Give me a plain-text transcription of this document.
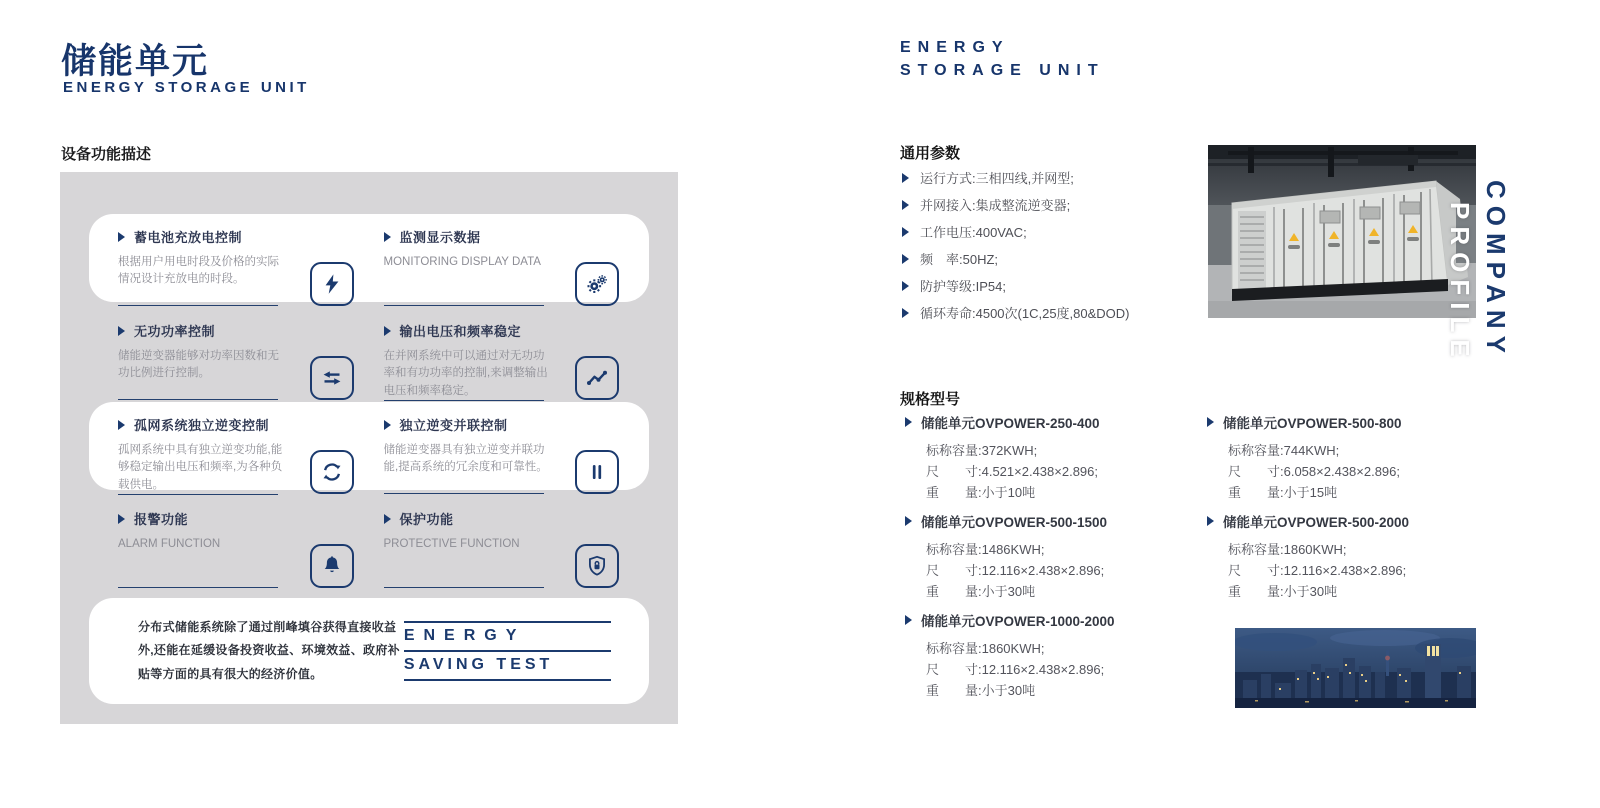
储能单元
ENERGY STORAGE UNIT
设备功能描述
蓄电池充放电控制

根据用户用电时段及价格的实际情况设计充放电的时段。

监测显示数据

MONITORING DISPLAY DATA

无功功率控制

储能逆变器能够对功率因数和无功比例进行控制。

输出电压和频率稳定

在并网系统中可以通过对无功功率和有功功率的控制,来调整输出电压和频率稳定。

孤网系统独立逆变控制

孤网系统中具有独立逆变功能,能够稳定输出电压和频率,为各种负载供电。

独立逆变并联控制

储能逆变器具有独立逆变并联功能,提高系统的冗余度和可靠性。

报警功能

ALARM FUNCTION

保护功能

PROTECTIVE FUNCTION

分布式储能系统除了通过削峰填谷获得直接收益外,还能在延缓设备投资收益、环境效益、政府补贴等方面的具有很大的经济价值。
ENERGY
SAVING TEST
ENERGY
STORAGE UNIT
通用参数
运行方式:三相四线,并网型;
并网接入:集成整流逆变器;
工作电压:400VAC;
频　率:50HZ;
防护等级:IP54;
循环寿命:4500次(1C,25度,80&DOD)
规格型号
储能单元OVPOWER-250-400
标称容量:372KWH;
尺　　寸:4.521×2.438×2.896;
重　　量:小于10吨
储能单元OVPOWER-500-800
标称容量:744KWH;
尺　　寸:6.058×2.438×2.896;
重　　量:小于15吨
储能单元OVPOWER-500-1500
标称容量:1486KWH;
尺　　寸:12.116×2.438×2.896;
重　　量:小于30吨
储能单元OVPOWER-500-2000
标称容量:1860KWH;
尺　　寸:12.116×2.438×2.896;
重　　量:小于30吨
储能单元OVPOWER-1000-2000
标称容量:1860KWH;
尺　　寸:12.116×2.438×2.896;
重　　量:小于30吨
COMPANY
PROFILE
